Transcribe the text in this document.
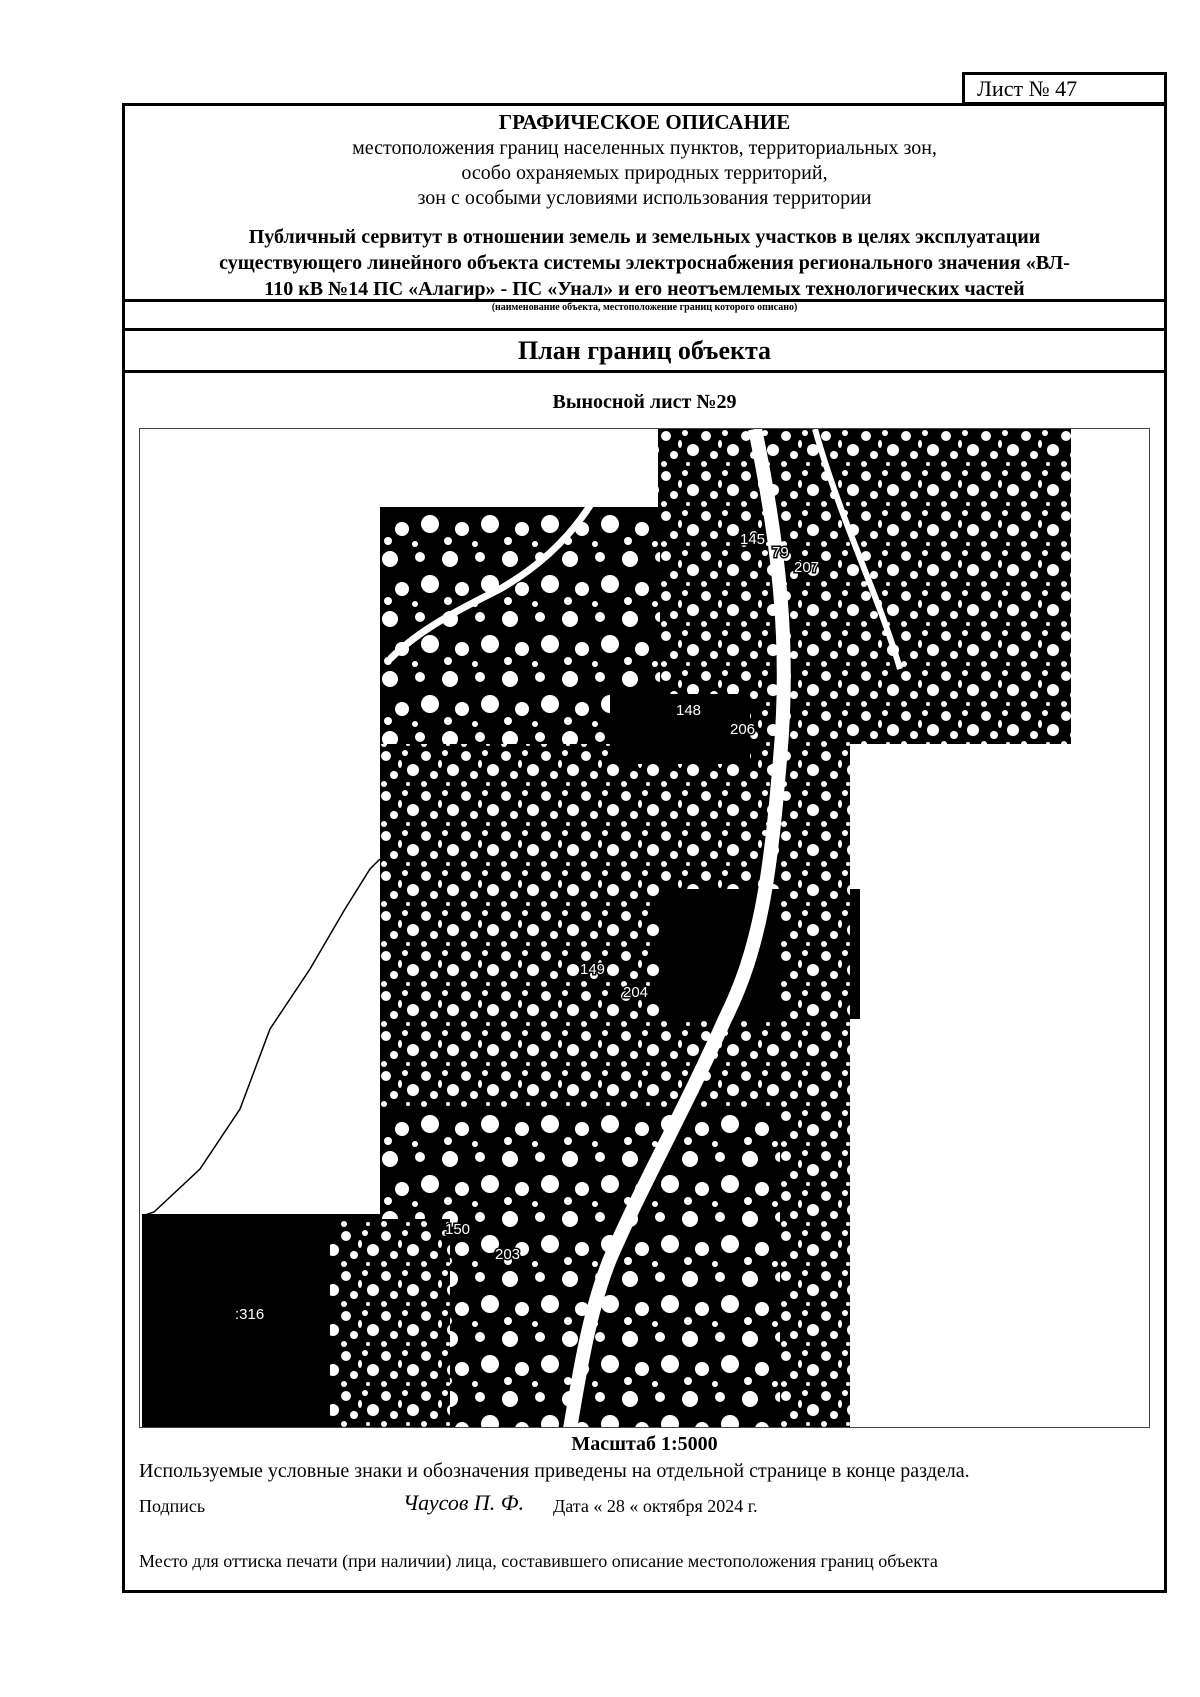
Лист № 47
ГРАФИЧЕСКОЕ ОПИСАНИЕ
местоположения границ населенных пунктов, территориальных зон,
особо охраняемых природных территорий,
зон с особыми условиями использования территории
Публичный сервитут в отношении земель и земельных участков в целях эксплуатации
существующего линейного объекта системы электроснабжения регионального значения «ВЛ-
110 кВ №14 ПС «Алагир» - ПС «Унал» и его неотъемлемых технологических частей
(наименование объекта, местоположение границ которого описано)
План границ объекта
Выносной лист №29
145
79
207
148
206
149
204
150
203
:316
Масштаб 1:5000
Используемые условные знаки и обозначения приведены на отдельной странице в конце раздела.
Подпись	Чаусов П. Ф. Дата « 28 « октября 2024 г.
Место для оттиска печати (при наличии) лица, составившего описание местоположения границ объекта
